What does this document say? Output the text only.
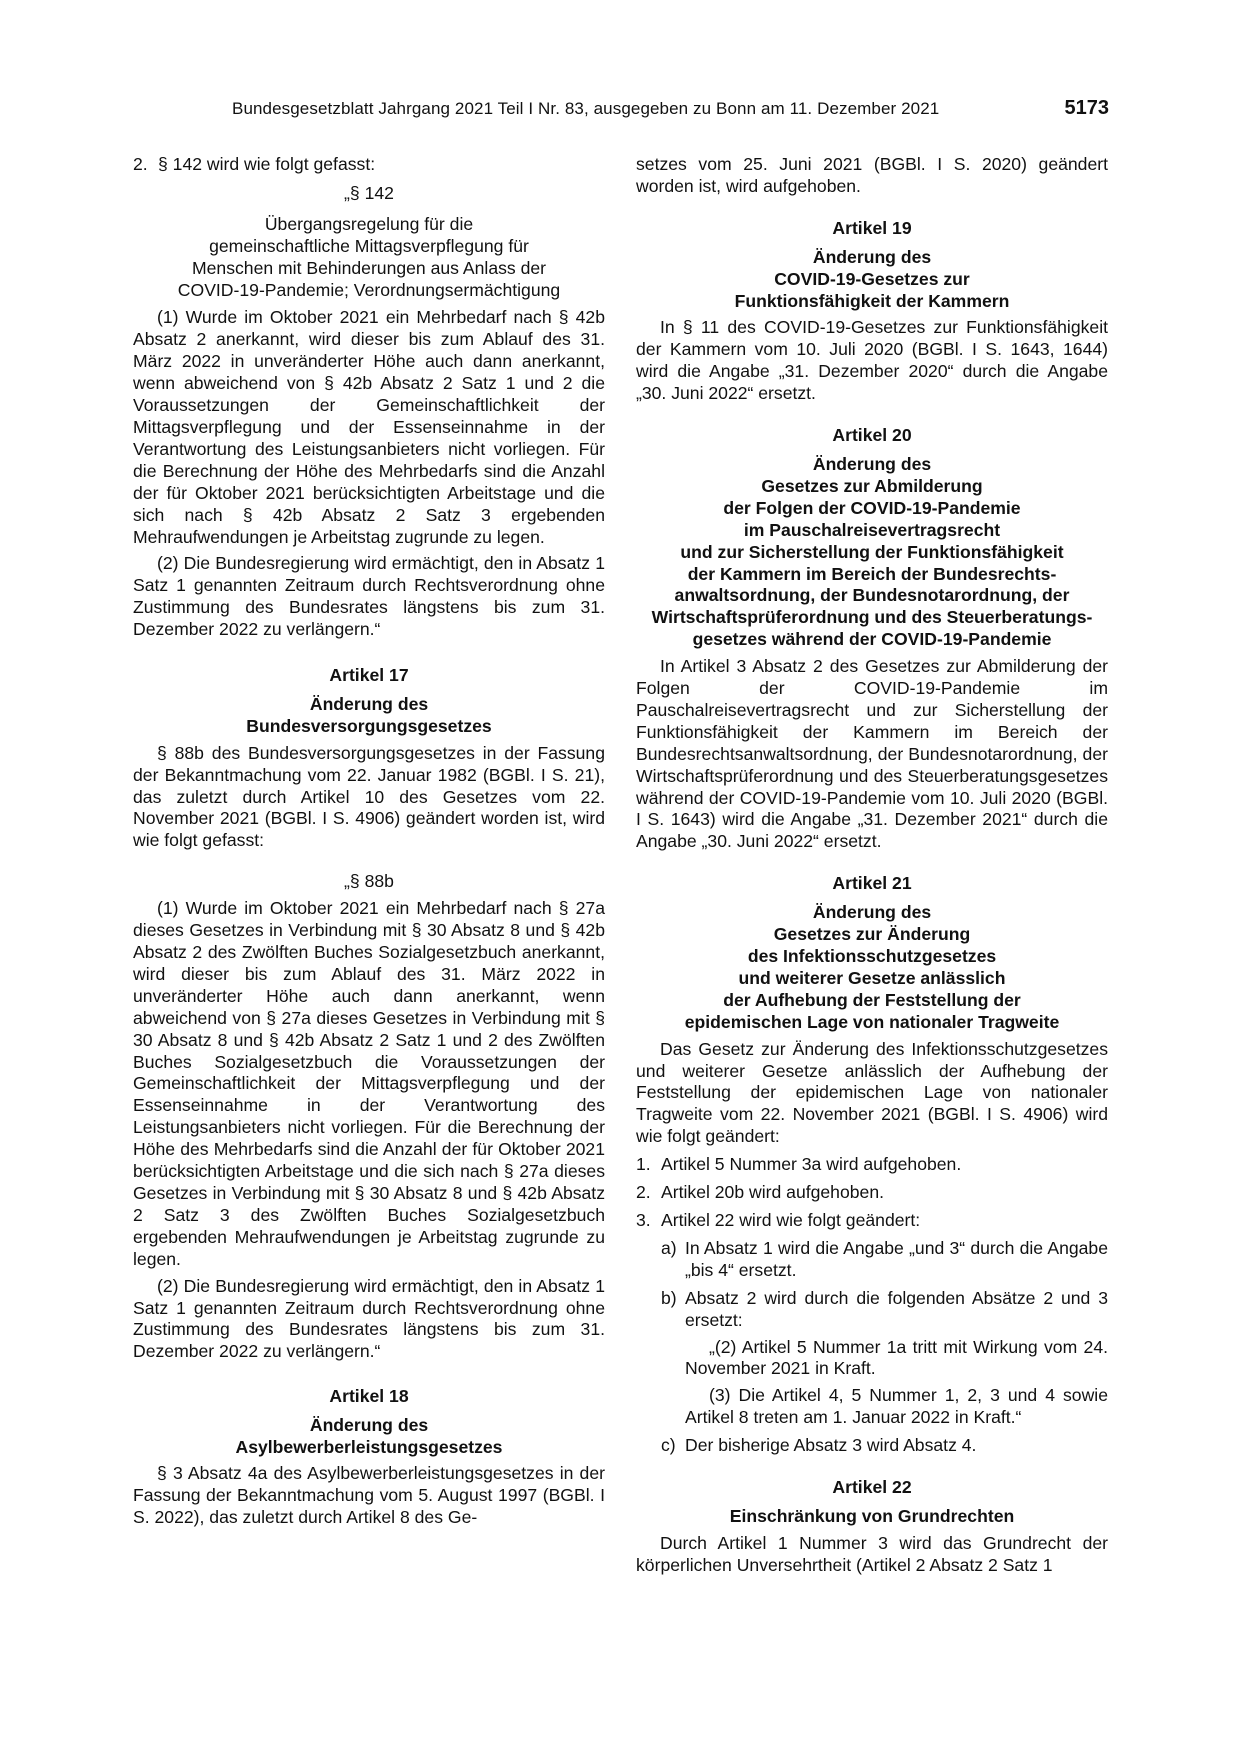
Bundesgesetzblatt Jahrgang 2021 Teil I Nr. 83, ausgegeben zu Bonn am 11. Dezember 2021	5173
2. § 142 wird wie folgt gefasst:

„§ 142

Übergangsregelung für die

gemeinschaftliche Mittagsverpflegung für

Menschen mit Behinderungen aus Anlass der

COVID-19-Pandemie; Verordnungsermächtigung

(1) Wurde im Oktober 2021 ein Mehrbedarf nach § 42b Absatz 2 anerkannt, wird dieser bis zum Ablauf des 31. März 2022 in unveränderter Höhe auch dann anerkannt, wenn abweichend von § 42b Absatz 2 Satz 1 und 2 die Voraussetzungen der Gemeinschaftlichkeit der Mittagsverpflegung und der Essenseinnahme in der Verantwortung des Leistungsanbieters nicht vorliegen. Für die Berechnung der Höhe des Mehrbedarfs sind die Anzahl der für Oktober 2021 berücksichtigten Arbeitstage und die sich nach § 42b Absatz 2 Satz 3 ergebenden Mehraufwendungen je Arbeitstag zugrunde zu legen.

(2) Die Bundesregierung wird ermächtigt, den in Absatz 1 Satz 1 genannten Zeitraum durch Rechtsverordnung ohne Zustimmung des Bundesrates längstens bis zum 31. Dezember 2022 zu verlängern.“

Artikel 17

Änderung des

Bundesversorgungsgesetzes

§ 88b des Bundesversorgungsgesetzes in der Fassung der Bekanntmachung vom 22. Januar 1982 (BGBl. I S. 21), das zuletzt durch Artikel 10 des Gesetzes vom 22. November 2021 (BGBl. I S. 4906) geändert worden ist, wird wie folgt gefasst:

„§ 88b

(1) Wurde im Oktober 2021 ein Mehrbedarf nach § 27a dieses Gesetzes in Verbindung mit § 30 Absatz 8 und § 42b Absatz 2 des Zwölften Buches Sozialgesetzbuch anerkannt, wird dieser bis zum Ablauf des 31. März 2022 in unveränderter Höhe auch dann anerkannt, wenn abweichend von § 27a dieses Gesetzes in Verbindung mit § 30 Absatz 8 und § 42b Absatz 2 Satz 1 und 2 des Zwölften Buches Sozialgesetzbuch die Voraussetzungen der Gemeinschaftlichkeit der Mittagsverpflegung und der Essenseinnahme in der Verantwortung des Leistungsanbieters nicht vorliegen. Für die Berechnung der Höhe des Mehrbedarfs sind die Anzahl der für Oktober 2021 berücksichtigten Arbeitstage und die sich nach § 27a dieses Gesetzes in Verbindung mit § 30 Absatz 8 und § 42b Absatz 2 Satz 3 des Zwölften Buches Sozialgesetzbuch ergebenden Mehraufwendungen je Arbeitstag zugrunde zu legen.

(2) Die Bundesregierung wird ermächtigt, den in Absatz 1 Satz 1 genannten Zeitraum durch Rechtsverordnung ohne Zustimmung des Bundesrates längstens bis zum 31. Dezember 2022 zu verlängern.“

Artikel 18

Änderung des

Asylbewerberleistungsgesetzes

§ 3 Absatz 4a des Asylbewerberleistungsgesetzes in der Fassung der Bekanntmachung vom 5. August 1997 (BGBl. I S. 2022), das zuletzt durch Artikel 8 des Ge-

setzes vom 25. Juni 2021 (BGBl. I S. 2020) geändert worden ist, wird aufgehoben.

Artikel 19

Änderung des

COVID-19-Gesetzes zur

Funktionsfähigkeit der Kammern

In § 11 des COVID-19-Gesetzes zur Funktionsfähigkeit der Kammern vom 10. Juli 2020 (BGBl. I S. 1643, 1644) wird die Angabe „31. Dezember 2020“ durch die Angabe „30. Juni 2022“ ersetzt.

Artikel 20

Änderung des

Gesetzes zur Abmilderung

der Folgen der COVID-19-Pandemie

im Pauschalreisevertragsrecht

und zur Sicherstellung der Funktionsfähigkeit

der Kammern im Bereich der Bundesrechts-

anwaltsordnung, der Bundesnotarordnung, der

Wirtschaftsprüferordnung und des Steuerberatungs-

gesetzes während der COVID-19-Pandemie

In Artikel 3 Absatz 2 des Gesetzes zur Abmilderung der Folgen der COVID-19-Pandemie im Pauschalreisevertragsrecht und zur Sicherstellung der Funktionsfähigkeit der Kammern im Bereich der Bundesrechtsanwaltsordnung, der Bundesnotarordnung, der Wirtschaftsprüferordnung und des Steuerberatungsgesetzes während der COVID-19-Pandemie vom 10. Juli 2020 (BGBl. I S. 1643) wird die Angabe „31. Dezember 2021“ durch die Angabe „30. Juni 2022“ ersetzt.

Artikel 21

Änderung des

Gesetzes zur Änderung

des Infektionsschutzgesetzes

und weiterer Gesetze anlässlich

der Aufhebung der Feststellung der

epidemischen Lage von nationaler Tragweite

Das Gesetz zur Änderung des Infektionsschutzgesetzes und weiterer Gesetze anlässlich der Aufhebung der Feststellung der epidemischen Lage von nationaler Tragweite vom 22. November 2021 (BGBl. I S. 4906) wird wie folgt geändert:

1. Artikel 5 Nummer 3a wird aufgehoben.
2. Artikel 20b wird aufgehoben.
3. Artikel 22 wird wie folgt geändert:
a) In Absatz 1 wird die Angabe „und 3“ durch die Angabe „bis 4“ ersetzt.
b) Absatz 2 wird durch die folgenden Absätze 2 und 3 ersetzt:

„(2) Artikel 5 Nummer 1a tritt mit Wirkung vom 24. November 2021 in Kraft.

(3) Die Artikel 4, 5 Nummer 1, 2, 3 und 4 sowie Artikel 8 treten am 1. Januar 2022 in Kraft.“

c) Der bisherige Absatz 3 wird Absatz 4.

Artikel 22

Einschränkung von Grundrechten

Durch Artikel 1 Nummer 3 wird das Grundrecht der körperlichen Unversehrtheit (Artikel 2 Absatz 2 Satz 1
